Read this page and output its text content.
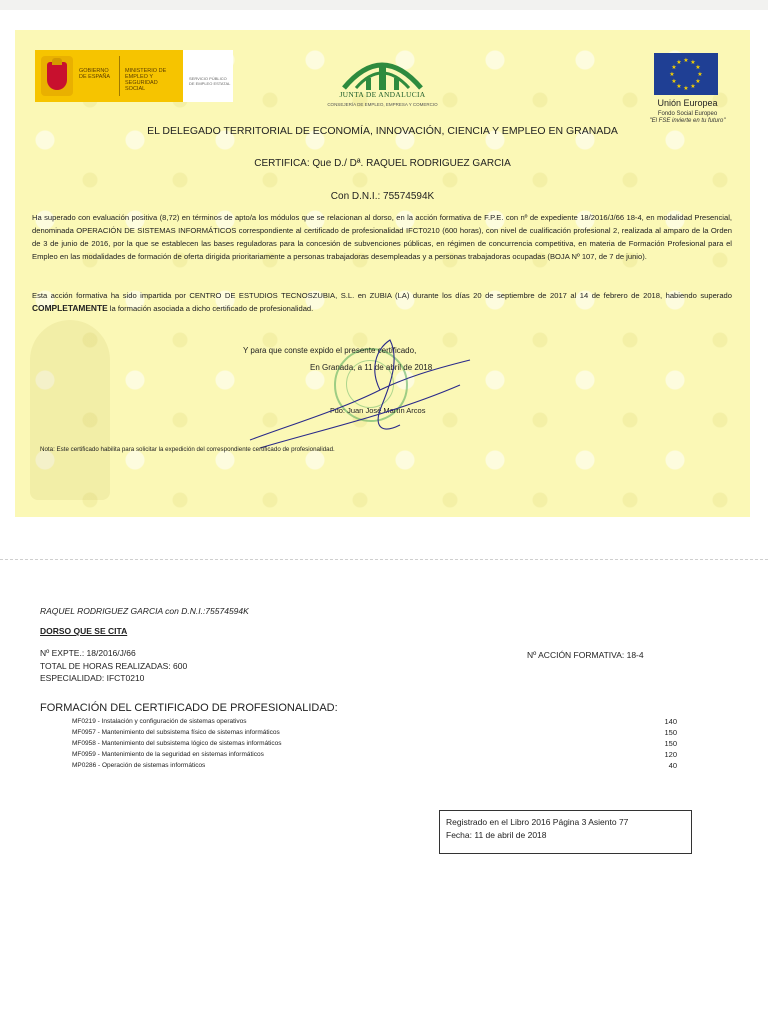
GOBIERNO DE ESPAÑA
MINISTERIO DE EMPLEO Y SEGURIDAD SOCIAL
SERVICIO PÚBLICO DE EMPLEO ESTATAL
JUNTA DE ANDALUCIA
CONSEJERÍA DE EMPLEO, EMPRESA Y COMERCIO
★ ★
★
★
★
★
★
★
★
★
★
★
Unión Europea
Fondo Social Europeo
"El FSE invierte en tu futuro"
EL DELEGADO TERRITORIAL DE ECONOMÍA, INNOVACIÓN, CIENCIA Y EMPLEO EN GRANADA
CERTIFICA: Que D./ Dª. RAQUEL RODRIGUEZ GARCIA
Con D.N.I.: 75574594K
Ha superado con evaluación positiva (8,72) en términos de apto/a los módulos que se relacionan al dorso, en la acción formativa de F.P.E. con nº de expediente 18/2016/J/66 18-4, en modalidad Presencial, denominada OPERACIÓN DE SISTEMAS INFORMÁTICOS correspondiente al certificado de profesionalidad IFCT0210 (600 horas), con nivel de cualificación profesional 2, realizada al amparo de la Orden de 3 de junio de 2016, por la que se establecen las bases reguladoras para la concesión de subvenciones públicas, en régimen de concurrencia competitiva, en materia de Formación Profesional para el Empleo en las modalidades de formación de oferta dirigida prioritariamente a personas trabajadoras desempleadas y a personas trabajadoras ocupadas (BOJA Nº 107, de 7 de junio).
Esta acción formativa ha sido impartida por CENTRO DE ESTUDIOS TECNOSZUBIA, S.L. en ZUBIA (LA) durante los días 20 de septiembre de 2017 al 14 de febrero de 2018, habiendo superado COMPLETAMENTE la formación asociada a dicho certificado de profesionalidad.
Y para que conste expido el presente certificado,
En Granada, a 11 de abril de 2018
Fdo: Juan José Martín Arcos
Nota: Este certificado habilita para solicitar la expedición del correspondiente certificado de profesionalidad.
RAQUEL RODRIGUEZ GARCIA con D.N.I.:75574594K
DORSO QUE SE CITA
Nº EXPTE.: 18/2016/J/66
TOTAL DE HORAS REALIZADAS: 600
ESPECIALIDAD: IFCT0210
Nº ACCIÓN FORMATIVA: 18-4
FORMACIÓN DEL CERTIFICADO DE PROFESIONALIDAD:
MF0219 - Instalación y configuración de sistemas operativos	140
MF0957 - Mantenimiento del subsistema físico de sistemas informáticos	150
MF0958 - Mantenimiento del subsistema lógico de sistemas informáticos	150
MF0959 - Mantenimiento de la seguridad en sistemas informáticos	120
MP0286 - Operación de sistemas informáticos	40
Registrado en el Libro 2016 Página 3 Asiento 77
Fecha: 11 de abril de 2018
